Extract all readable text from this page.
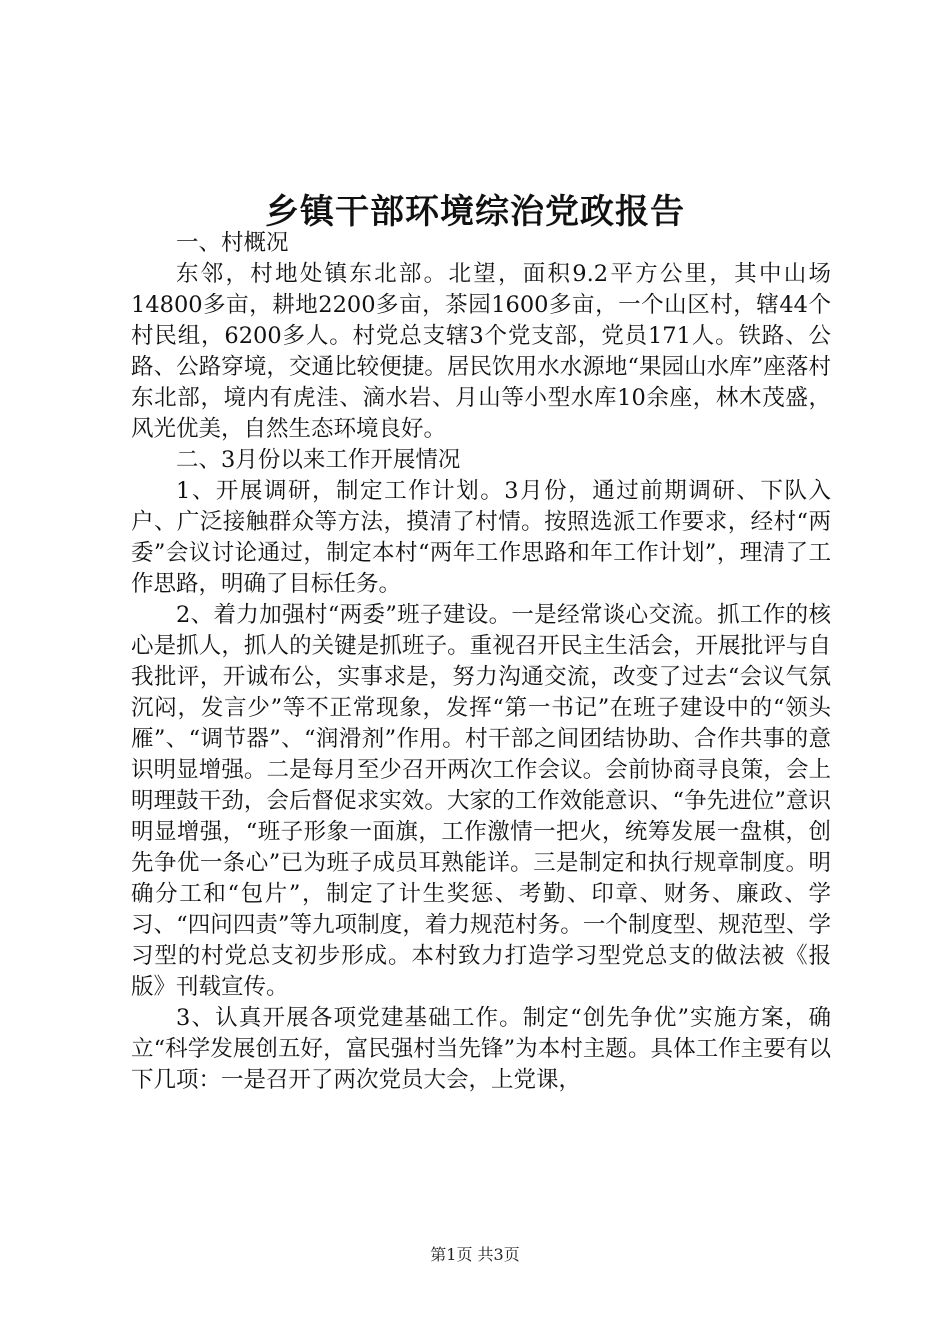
乡镇干部环境综治党政报告

一、村概况

东邻，村地处镇东北部。北望，面积9.2平方公里，其中山场14800多亩，耕地2200多亩，茶园1600多亩，一个山区村，辖44个村民组，6200多人。村党总支辖3个党支部，党员171人。铁路、公路、公路穿境，交通比较便捷。居民饮用水水源地“果园山水库”座落村东北部，境内有虎洼、滴水岩、月山等小型水库10余座，林木茂盛，风光优美，自然生态环境良好。

二、3月份以来工作开展情况

1、开展调研，制定工作计划。3月份，通过前期调研、下队入户、广泛接触群众等方法，摸清了村情。按照选派工作要求，经村“两委”会议讨论通过，制定本村“两年工作思路和年工作计划”，理清了工作思路，明确了目标任务。

2、着力加强村“两委”班子建设。一是经常谈心交流。抓工作的核心是抓人，抓人的关键是抓班子。重视召开民主生活会，开展批评与自我批评，开诚布公，实事求是，努力沟通交流，改变了过去“会议气氛沉闷，发言少”等不正常现象，发挥“第一书记”在班子建设中的“领头雁”、“调节器”、“润滑剂”作用。村干部之间团结协助、合作共事的意识明显增强。二是每月至少召开两次工作会议。会前协商寻良策，会上明理鼓干劲，会后督促求实效。大家的工作效能意识、“争先进位”意识明显增强，“班子形象一面旗，工作激情一把火，统筹发展一盘棋，创先争优一条心”已为班子成员耳熟能详。三是制定和执行规章制度。明确分工和“包片”，制定了计生奖惩、考勤、印章、财务、廉政、学习、“四问四责”等九项制度，着力规范村务。一个制度型、规范型、学习型的村党总支初步形成。本村致力打造学习型党总支的做法被《报版》刊载宣传。

3、认真开展各项党建基础工作。制定“创先争优”实施方案，确立“科学发展创五好，富民强村当先锋”为本村主题。具体工作主要有以下几项：一是召开了两次党员大会，上党课，

第1页 共3页
